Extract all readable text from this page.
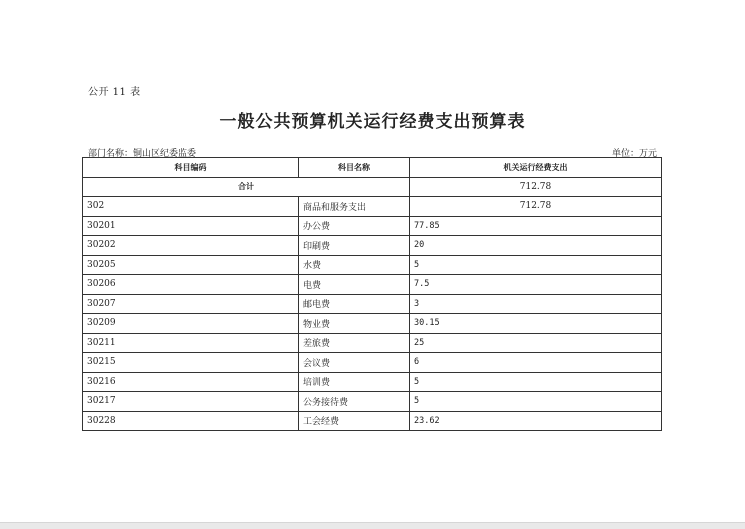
公开 11 表
一般公共预算机关运行经费支出预算表
部门名称：铜山区纪委监委	单位：万元
科目编码	科目名称	机关运行经费支出
合计		712.78
302	商品和服务支出	712.78
30201	办公费	77.85
30202	印刷费	20
30205	水费	5
30206	电费	7.5
30207	邮电费	3
30209	物业费	30.15
30211	差旅费	25
30215	会议费	6
30216	培训费	5
30217	公务接待费	5
30228	工会经费	23.62
